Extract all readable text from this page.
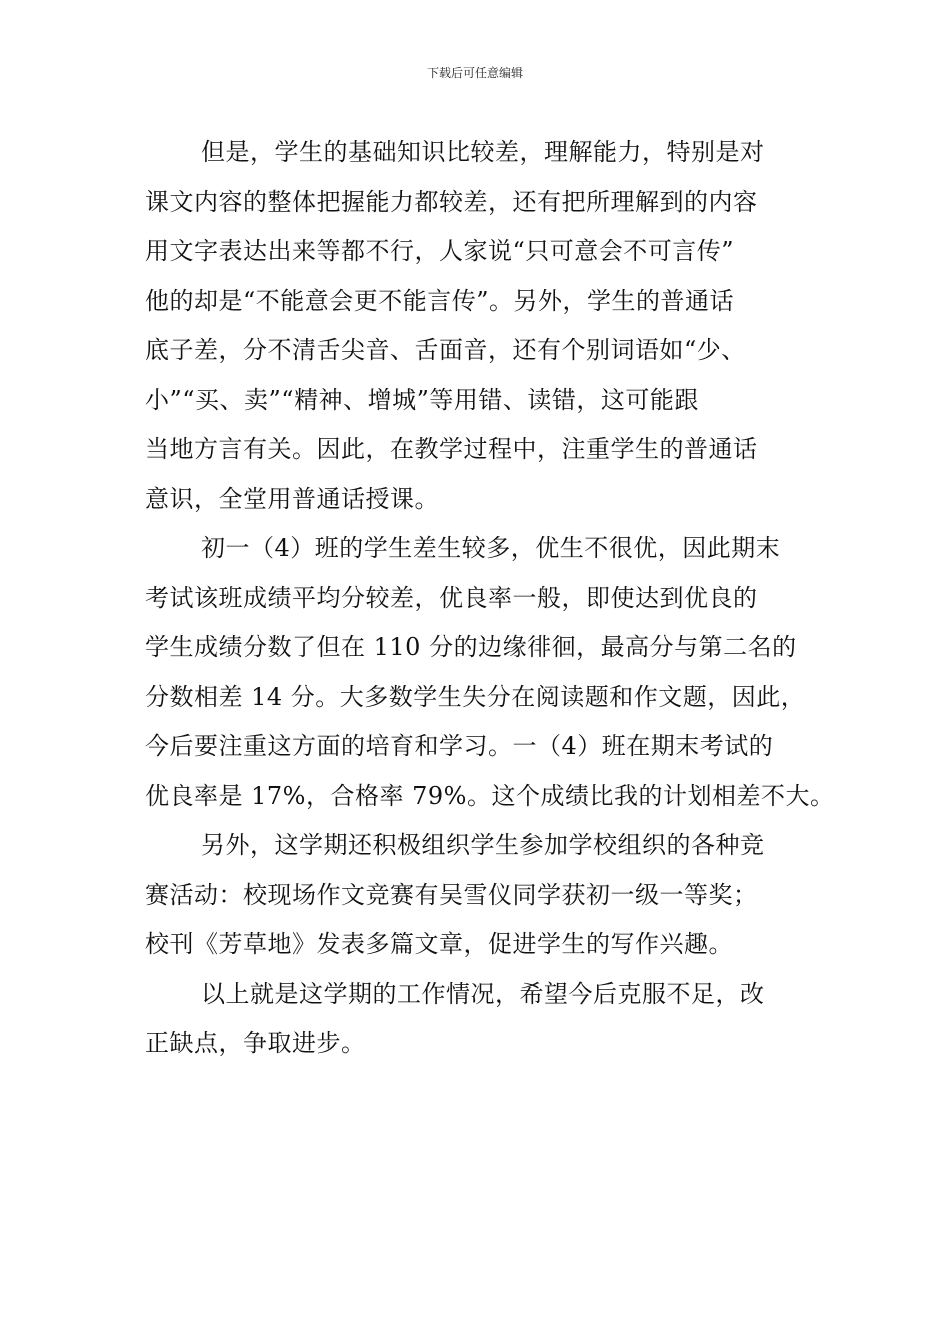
下载后可任意编辑
但是，学生的基础知识比较差，理解能力，特别是对
课文内容的整体把握能力都较差，还有把所理解到的内容
用文字表达出来等都不行，人家说“只可意会不可言传”
他的却是“不能意会更不能言传”。另外，学生的普通话
底子差，分不清舌尖音、舌面音，还有个别词语如“少、
小”“买、卖”“精神、增城”等用错、读错，这可能跟
当地方言有关。因此，在教学过程中，注重学生的普通话
意识，全堂用普通话授课。
初一（4）班的学生差生较多，优生不很优，因此期末
考试该班成绩平均分较差，优良率一般，即使达到优良的
学生成绩分数了但在 110 分的边缘徘徊，最高分与第二名的
分数相差 14 分。大多数学生失分在阅读题和作文题，因此，
今后要注重这方面的培育和学习。一（4）班在期末考试的
优良率是 17%，合格率 79%。这个成绩比我的计划相差不大。
另外，这学期还积极组织学生参加学校组织的各种竞
赛活动：校现场作文竞赛有吴雪仪同学获初一级一等奖；
校刊《芳草地》发表多篇文章，促进学生的写作兴趣。
以上就是这学期的工作情况，希望今后克服不足，改
正缺点，争取进步。
